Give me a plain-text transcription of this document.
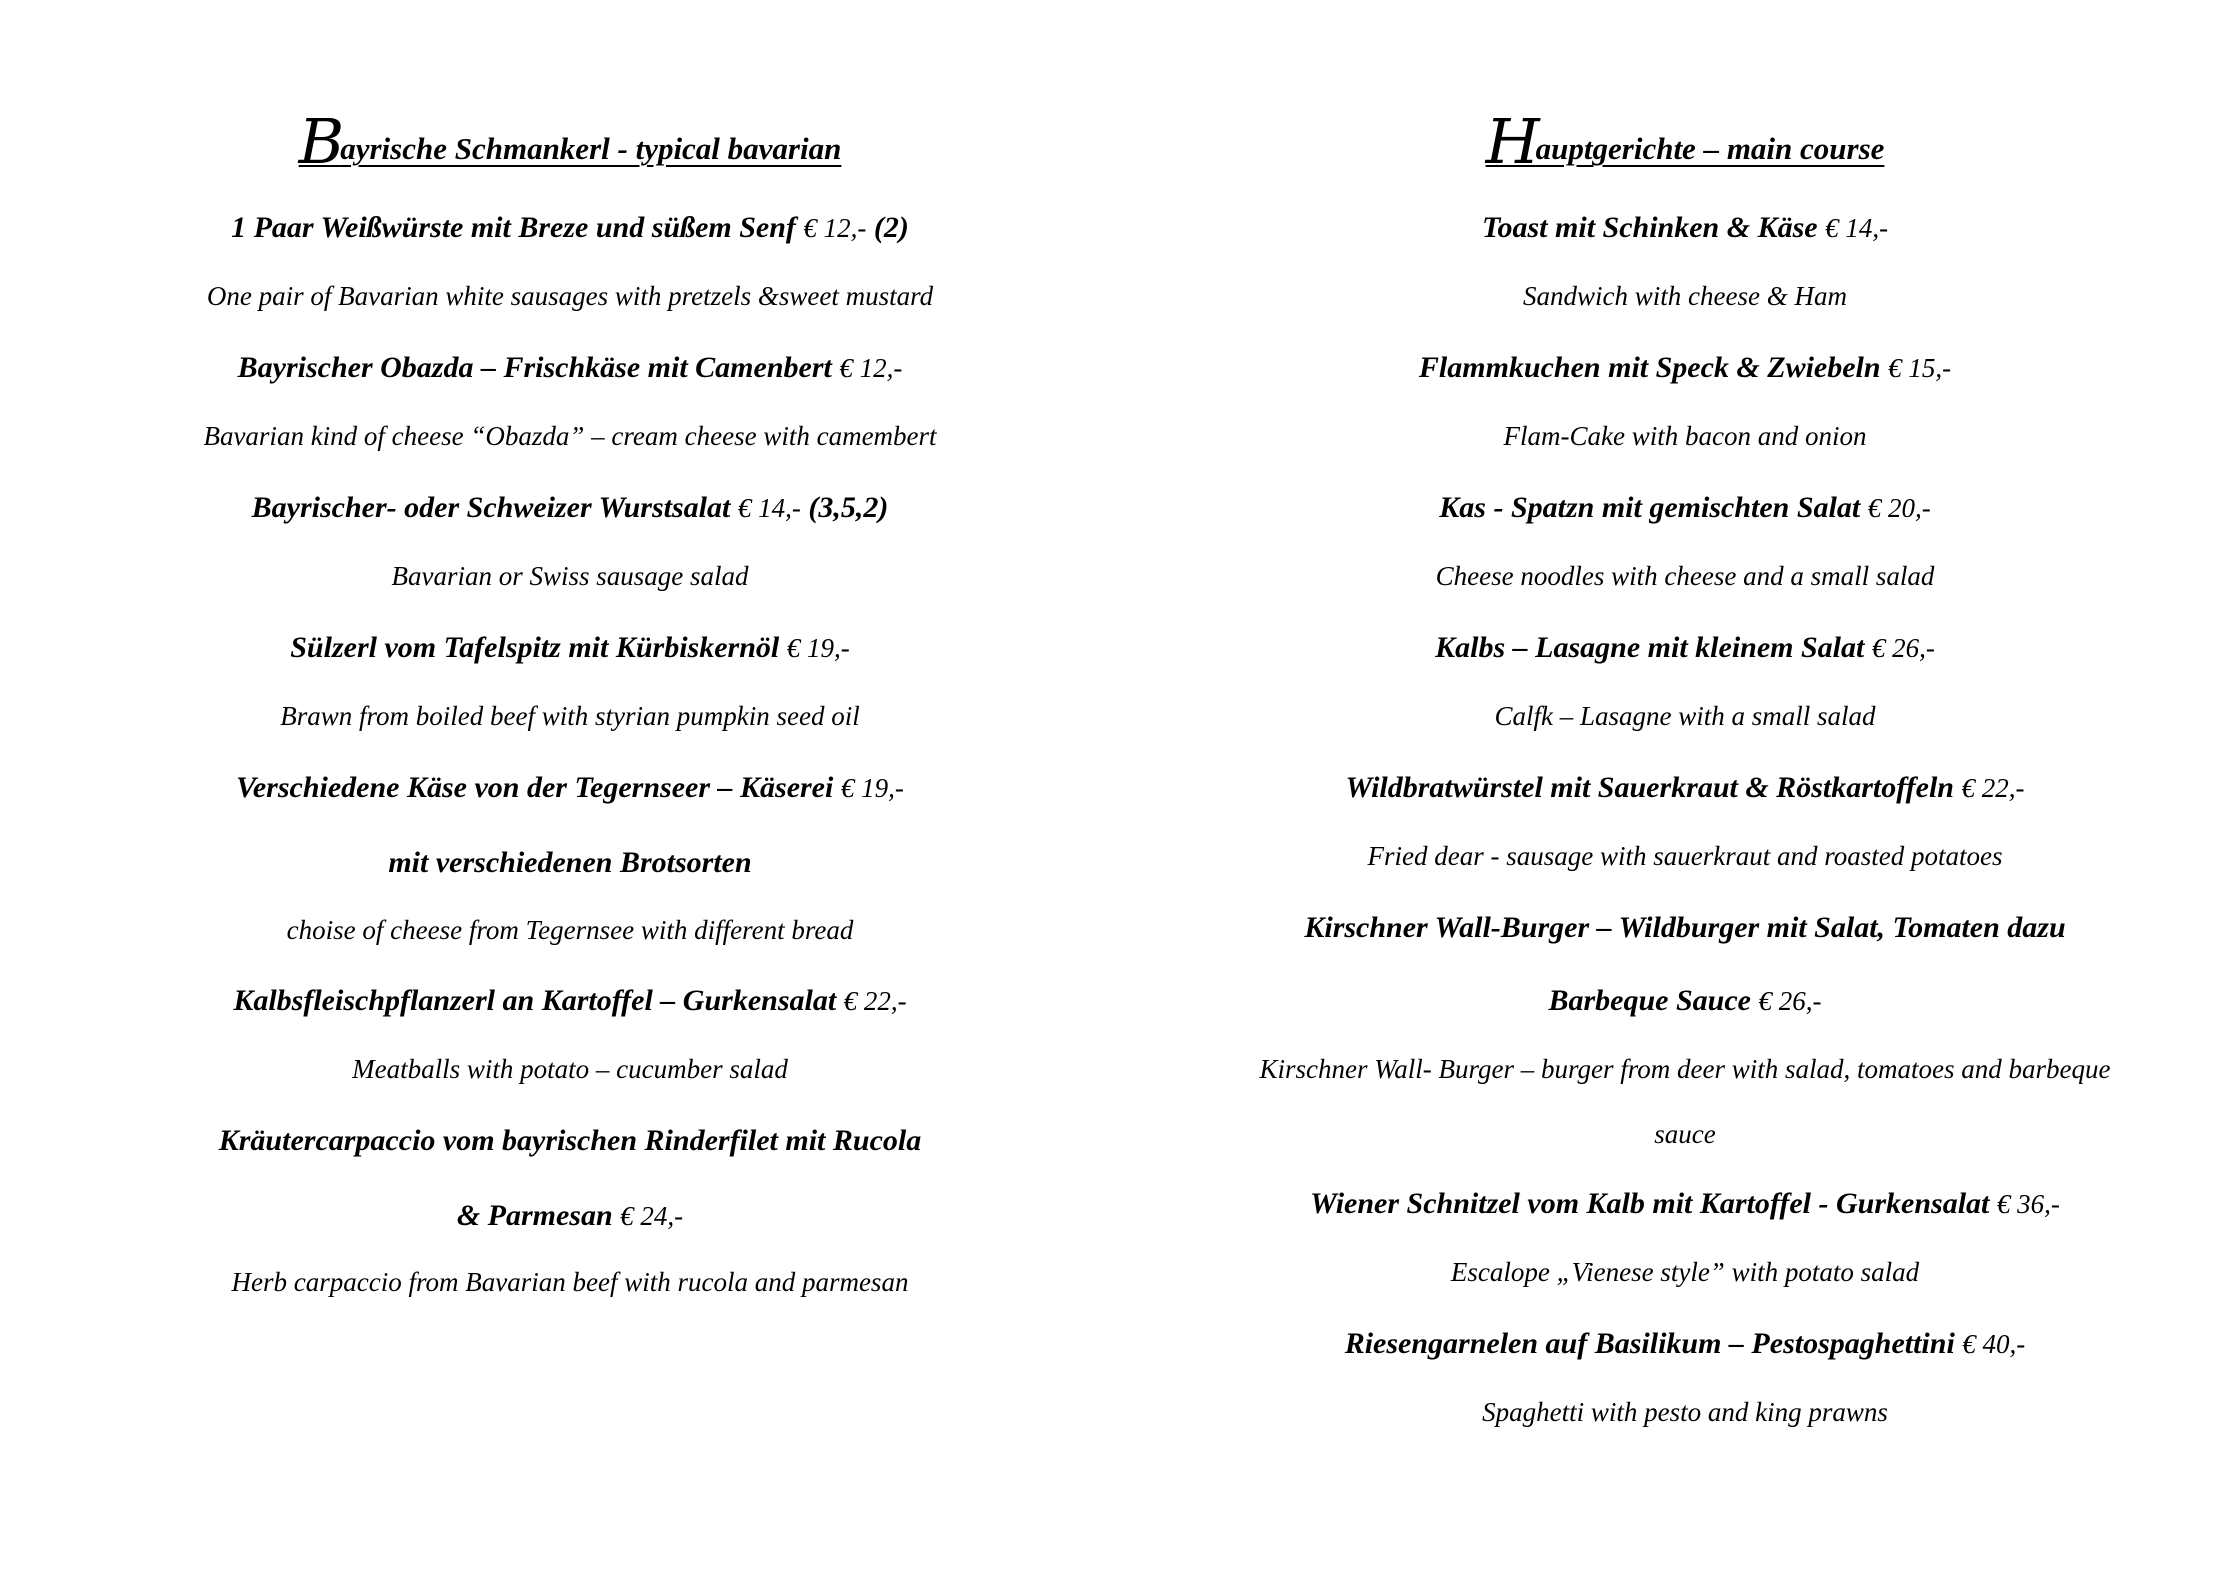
Bayrische Schmankerl - typical bavarian
1 Paar Weißwürste mit Breze und süßem Senf € 12,- (2)
One pair of Bavarian white sausages with pretzels &sweet mustard
Bayrischer Obazda – Frischkäse mit Camenbert € 12,-
Bavarian kind of cheese “Obazda” – cream cheese with camembert
Bayrischer- oder Schweizer Wurstsalat € 14,- (3,5,2)
Bavarian or Swiss sausage salad
Sülzerl vom Tafelspitz mit Kürbiskernöl € 19,-
Brawn from boiled beef with styrian pumpkin seed oil
Verschiedene Käse von der Tegernseer – Käserei € 19,-
mit verschiedenen Brotsorten
choise of cheese from Tegernsee with different bread
Kalbsfleischpflanzerl an Kartoffel – Gurkensalat € 22,-
Meatballs with potato – cucumber salad
Kräutercarpaccio vom bayrischen Rinderfilet mit Rucola
& Parmesan € 24,-
Herb carpaccio from Bavarian beef with rucola and parmesan
Hauptgerichte – main course
Toast mit Schinken & Käse € 14,-
Sandwich with cheese & Ham
Flammkuchen mit Speck & Zwiebeln € 15,-
Flam-Cake with bacon and onion
Kas - Spatzn mit gemischten Salat € 20,-
Cheese noodles with cheese and a small salad
Kalbs – Lasagne mit kleinem Salat € 26,-
Calfk – Lasagne with a small salad
Wildbratwürstel mit Sauerkraut & Röstkartoffeln € 22,-
Fried dear - sausage with sauerkraut and roasted potatoes
Kirschner Wall-Burger – Wildburger mit Salat, Tomaten dazu
Barbeque Sauce € 26,-
Kirschner Wall- Burger – burger from deer with salad, tomatoes and barbeque
sauce
Wiener Schnitzel vom Kalb mit Kartoffel - Gurkensalat € 36,-
Escalope „Vienese style” with potato salad
Riesengarnelen auf Basilikum – Pestospaghettini € 40,-
Spaghetti with pesto and king prawns
